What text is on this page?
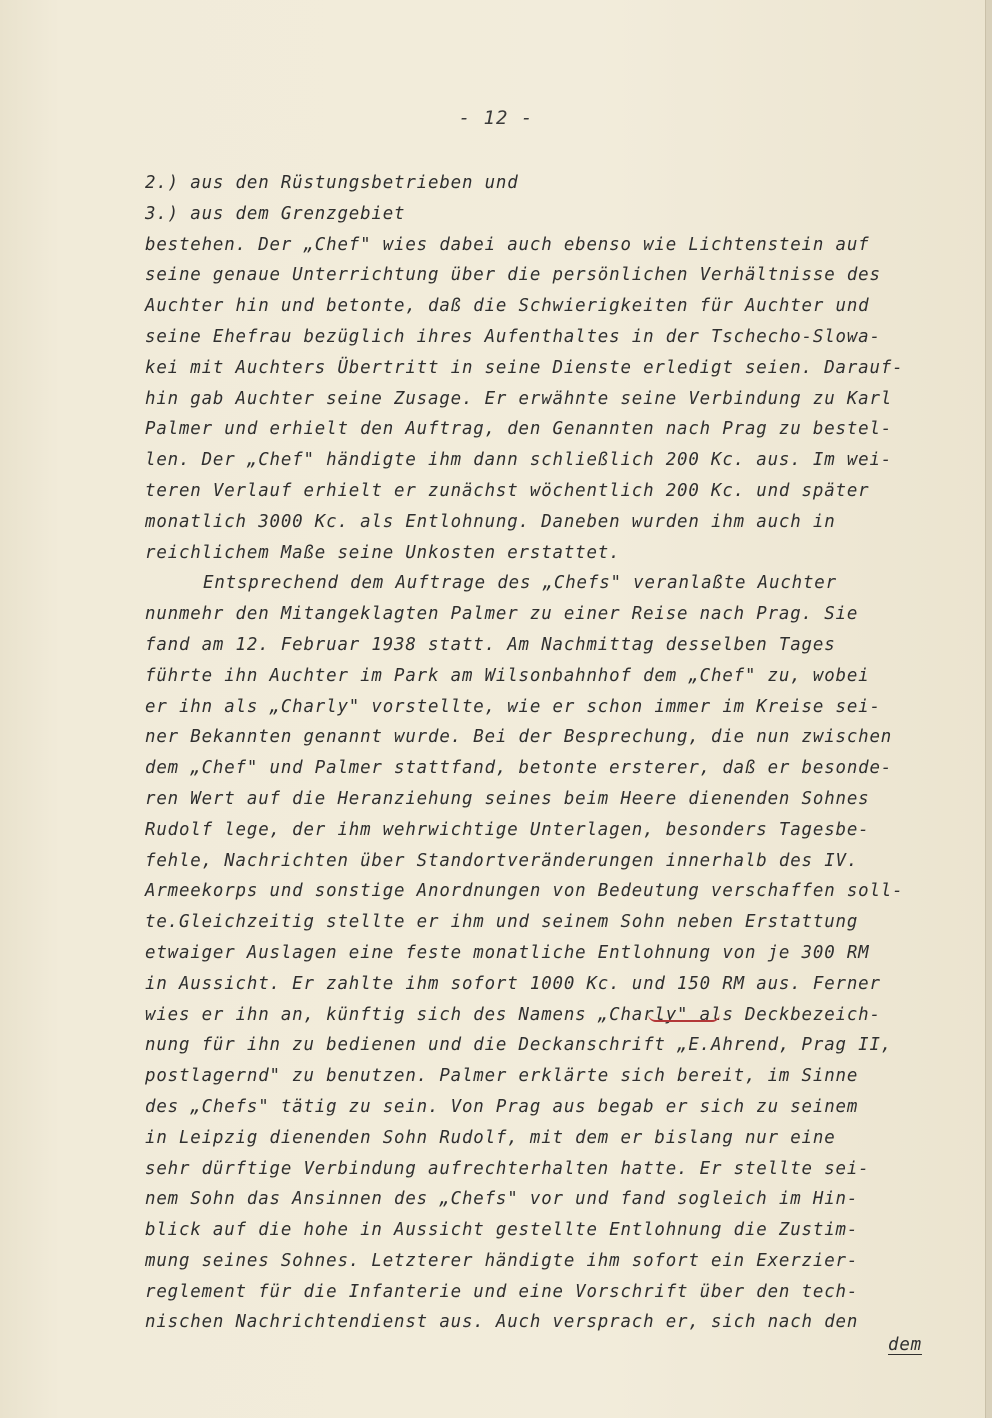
- 12 -
2.) aus den Rüstungsbetrieben und
3.) aus dem Grenzgebiet
bestehen. Der „Chef" wies dabei auch ebenso wie Lichtenstein auf
seine genaue Unterrichtung über die persönlichen Verhältnisse des
Auchter hin und betonte, daß die Schwierigkeiten für Auchter und
seine Ehefrau bezüglich ihres Aufenthaltes in der Tschecho-Slowa-
kei mit Auchters Übertritt in seine Dienste erledigt seien. Darauf-
hin gab Auchter seine Zusage. Er erwähnte seine Verbindung zu Karl
Palmer und erhielt den Auftrag, den Genannten nach Prag zu bestel-
len. Der „Chef" händigte ihm dann schließlich 200 Kc. aus. Im wei-
teren Verlauf erhielt er zunächst wöchentlich 200 Kc. und später
monatlich 3000 Kc. als Entlohnung. Daneben wurden ihm auch in
reichlichem Maße seine Unkosten erstattet.
Entsprechend dem Auftrage des „Chefs" veranlaßte Auchter
nunmehr den Mitangeklagten Palmer zu einer Reise nach Prag. Sie
fand am 12. Februar 1938 statt. Am Nachmittag desselben Tages
führte ihn Auchter im Park am Wilsonbahnhof dem „Chef" zu, wobei
er ihn als „Charly" vorstellte, wie er schon immer im Kreise sei-
ner Bekannten genannt wurde. Bei der Besprechung, die nun zwischen
dem „Chef" und Palmer stattfand, betonte ersterer, daß er besonde-
ren Wert auf die Heranziehung seines beim Heere dienenden Sohnes
Rudolf lege, der ihm wehrwichtige Unterlagen, besonders Tagesbe-
fehle, Nachrichten über Standortveränderungen innerhalb des IV.
Armeekorps und sonstige Anordnungen von Bedeutung verschaffen soll-
te.Gleichzeitig stellte er ihm und seinem Sohn neben Erstattung
etwaiger Auslagen eine feste monatliche Entlohnung von je 300 RM
in Aussicht. Er zahlte ihm sofort 1000 Kc. und 150 RM aus. Ferner
wies er ihn an, künftig sich des Namens „Charly" als Deckbezeich-
nung für ihn zu bedienen und die Deckanschrift „E.Ahrend, Prag II,
postlagernd" zu benutzen. Palmer erklärte sich bereit, im Sinne
des „Chefs" tätig zu sein. Von Prag aus begab er sich zu seinem
in Leipzig dienenden Sohn Rudolf, mit dem er bislang nur eine
sehr dürftige Verbindung aufrechterhalten hatte. Er stellte sei-
nem Sohn das Ansinnen des „Chefs" vor und fand sogleich im Hin-
blick auf die hohe in Aussicht gestellte Entlohnung die Zustim-
mung seines Sohnes. Letzterer händigte ihm sofort ein Exerzier-
reglement für die Infanterie und eine Vorschrift über den tech-
nischen Nachrichtendienst aus. Auch versprach er, sich nach den
dem
